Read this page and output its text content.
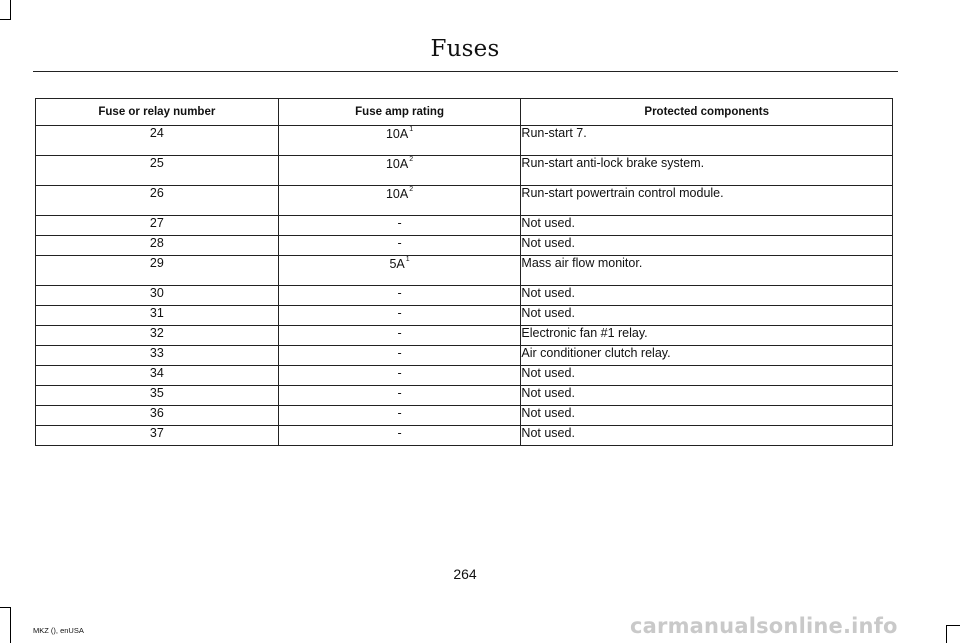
Fuses
Fuse or relay number	Fuse amp rating	Protected components
24	$10A^1$	Run-start 7.
25	$10A^2$	Run-start anti-lock brake system.
26	$10A^2$	Run-start powertrain control module.
27	-	Not used.
28	-	Not used.
29	$5A^1$	Mass air flow monitor.
30	-	Not used.
31	-	Not used.
32	-	Electronic fan #1 relay.
33	-	Air conditioner clutch relay.
34	-	Not used.
35	-	Not used.
36	-	Not used.
37	-	Not used.
264
MKZ (), enUSA	carmanualsonline.info
